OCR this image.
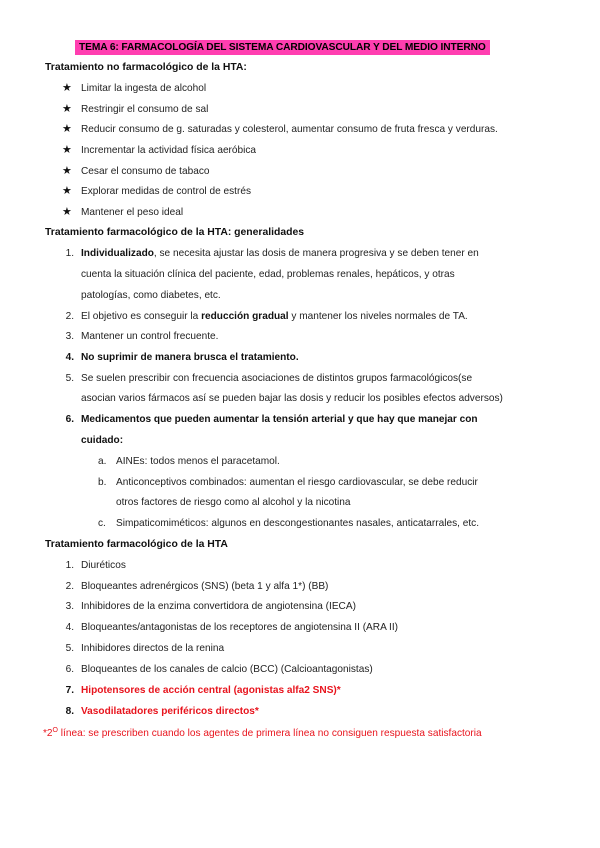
TEMA 6: FARMACOLOGÍA DEL SISTEMA CARDIOVASCULAR Y DEL MEDIO INTERNO
Tratamiento no farmacológico de la HTA:
★ Limitar la ingesta de alcohol
★ Restringir el consumo de sal
★ Reducir consumo de g. saturadas y colesterol, aumentar consumo de fruta fresca y verduras.
★ Incrementar la actividad física aeróbica
★ Cesar el consumo de tabaco
★ Explorar medidas de control de estrés
★ Mantener el peso ideal
Tratamiento farmacológico de la HTA: generalidades
1. Individualizado, se necesita ajustar las dosis de manera progresiva y se deben tener en
cuenta la situación clínica del paciente, edad, problemas renales, hepáticos, y otras
patologías, como diabetes, etc.
2. El objetivo es conseguir la reducción gradual y mantener los niveles normales de TA.
3. Mantener un control frecuente.
4. No suprimir de manera brusca el tratamiento.
5. Se suelen prescribir con frecuencia asociaciones de distintos grupos farmacológicos(se
asocian varios fármacos así se pueden bajar las dosis y reducir los posibles efectos adversos)
6. Medicamentos que pueden aumentar la tensión arterial y que hay que manejar con
cuidado:
a. AINEs: todos menos el paracetamol.
b. Anticonceptivos combinados: aumentan el riesgo cardiovascular, se debe reducir
otros factores de riesgo como al alcohol y la nicotina
c. Simpaticomiméticos: algunos en descongestionantes nasales, anticatarrales, etc.
Tratamiento farmacológico de la HTA
1. Diuréticos
2. Bloqueantes adrenérgicos (SNS) (beta 1 y alfa 1*) (BB)
3. Inhibidores de la enzima convertidora de angiotensina (IECA)
4. Bloqueantes/antagonistas de los receptores de angiotensina II (ARA II)
5. Inhibidores directos de la renina
6. Bloqueantes de los canales de calcio (BCC) (Calcioantagonistas)
7. Hipotensores de acción central (agonistas alfa2 SNS)*
8. Vasodilatadores periféricos directos*
$*2^O$ línea: se prescriben cuando los agentes de primera línea no consiguen respuesta satisfactoria
